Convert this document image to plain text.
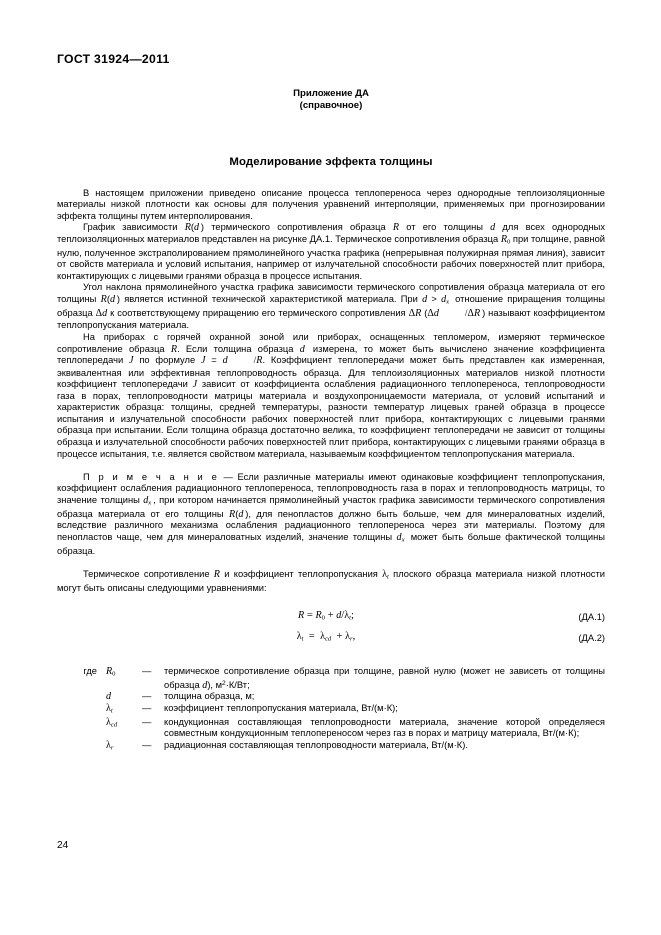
ГОСТ 31924—2011
Приложение ДА
(справочное)
Моделирование эффекта толщины

В настоящем приложении приведено описание процесса теплопереноса через однородные теплоизоляционные материалы низкой плотности как основы для получения уравнений интерполяции, применяемых при прогнозировании эффекта толщины путем интерполирования.

График зависимости R(d ) термического сопротивления образца R от его толщины d для всех однородных теплоизоляционных материалов представлен на рисунке ДА.1. Термическое сопротивления образца $R_0$ при толщине, равной нулю, полученное экстраполированием прямолинейного участка графика (непрерывная полужирная прямая линия), зависит от свойств материала и условий испытания, например от излучательной способности рабочих поверхностей плит прибора, контактирующих с лицевыми гранями образца в процессе испытания.

Угол наклона прямолинейного участка графика зависимости термического сопротивления образца материала от его толщины R(d ) является истинной технической характеристикой материала. При $d > d_x$  отношение приращения толщины образца Δd к соответствующему приращению его термического сопротивления ΔR (Δd	/ΔR ) называют коэффициентом теплопропускания материала.

На приборах с горячей охранной зоной или приборах, оснащенных тепломером, измеряют термическое сопротивление образца R. Если толщина образца d  измерена, то может быть вычислено значение коэффициента теплопередачи J по формуле J = d	/R. Коэффициент теплопередачи может быть представлен как измеренная, эквивалентная или эффективная теплопроводность образца. Для теплоизоляционных материалов низкой плотности коэффициент теплопередачи J зависит от коэффициента ослабления радиационного теплопереноса, теплопроводности газа в порах, теплопроводности матрицы материала и воздухопроницаемости материала, от условий испытаний и характеристик образца: толщины, средней температуры, разности температур лицевых граней образца в процессе испытания и излучательной способности рабочих поверхностей плит прибора, контактирующих с лицевыми гранями образца при испытании. Если толщина образца достаточно велика, то коэффициент теплопередачи не зависит от толщины образца и излучательной способности рабочих поверхностей плит прибора, контактирующих с лицевыми гранями образца в процессе испытания, т.е. является свойством материала, называемым коэффициентом теплопропускания материала.

П р и м е ч а н и е — Если различные материалы имеют одинаковые коэффициент теплопропускания, коэффициент ослабления радиационного теплопереноса, теплопроводность газа в порах и теплопроводность матрицы, то значение толщины $d_x$ , при котором начинается прямолинейный участок графика зависимости термического сопротивления образца материала от его толщины R(d ), для пенопластов должно быть больше, чем для минераловатных изделий, вследствие различного механизма ослабления радиационного теплопереноса через эти материалы. Поэтому для пенопластов чаще, чем для минераловатных изделий, значение толщины $d_x$  может быть больше фактической толщины образца.

Термическое сопротивление R и коэффициент теплопропускания $\lambda_t$ плоского образца материала низкой плотности могут быть описаны следующими уравнениями:

$R = R_0 + d/\lambda_t$;	(ДА.1)
$\lambda_t = \lambda_{cd} + \lambda_r$,	(ДА.2)
где $R_0$	—	термическое сопротивление образца при толщине, равной нулю (может не зависеть от толщины образца d), $м^2\cdot К/Вт$;
d	—	толщина образца, м;
$\lambda_t$	—	коэффициент теплопропускания материала, Вт/(м·К);
$\lambda_{cd}$	—	кондукционная составляющая теплопроводности материала, значение которой определяеся совместным кондукционным теплопереносом через газ в порах и матрицу материала, Вт/(м·К);
$\lambda_r$	—	радиационная составляющая теплопроводности материала, Вт/(м·К).
24
